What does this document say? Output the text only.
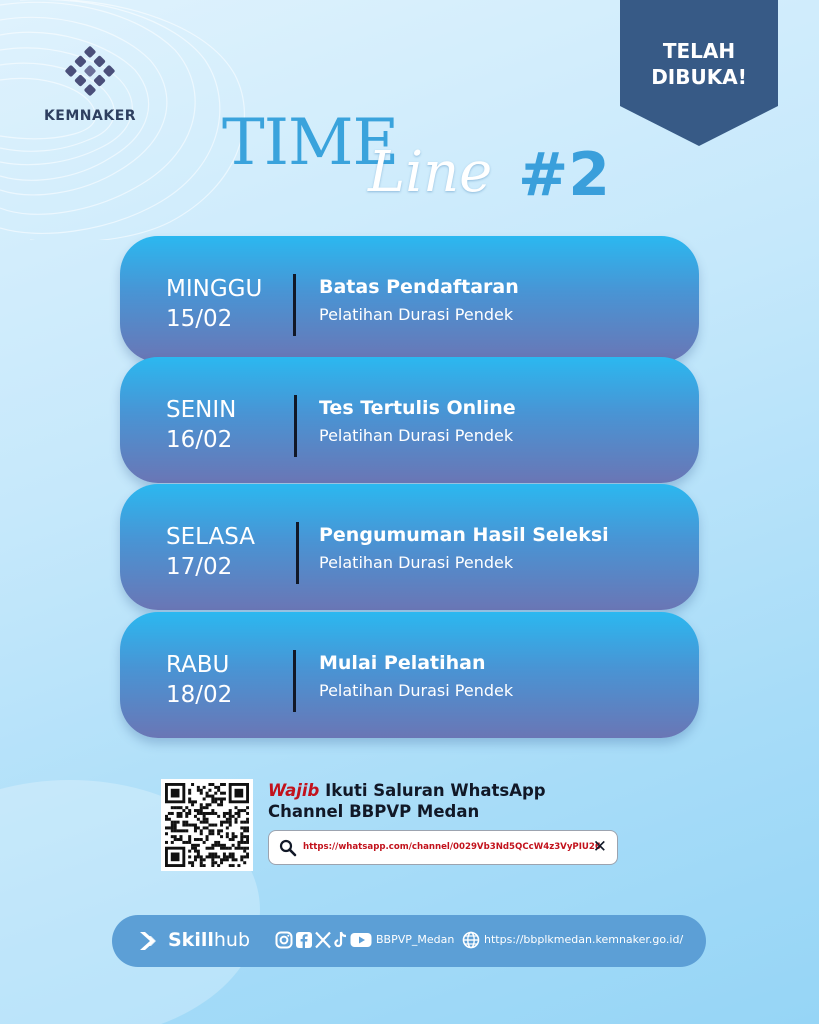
KEMNAKER
TELAH
DIBUKA!
TIME
Line #2
MINGGU
15/02
Batas Pendaftaran
Pelatihan Durasi Pendek
SENIN
16/02
Tes Tertulis Online
Pelatihan Durasi Pendek
SELASA
17/02
Pengumuman Hasil Seleksi
Pelatihan Durasi Pendek
RABU
18/02
Mulai Pelatihan
Pelatihan Durasi Pendek
Wajib Ikuti Saluran WhatsApp
Channel BBPVP Medan
https://whatsapp.com/channel/0029Vb3Nd5QCcW4z3VyPIU26
✕
Skillhub	BBPVP_Medan	https://bbplkmedan.kemnaker.go.id/
